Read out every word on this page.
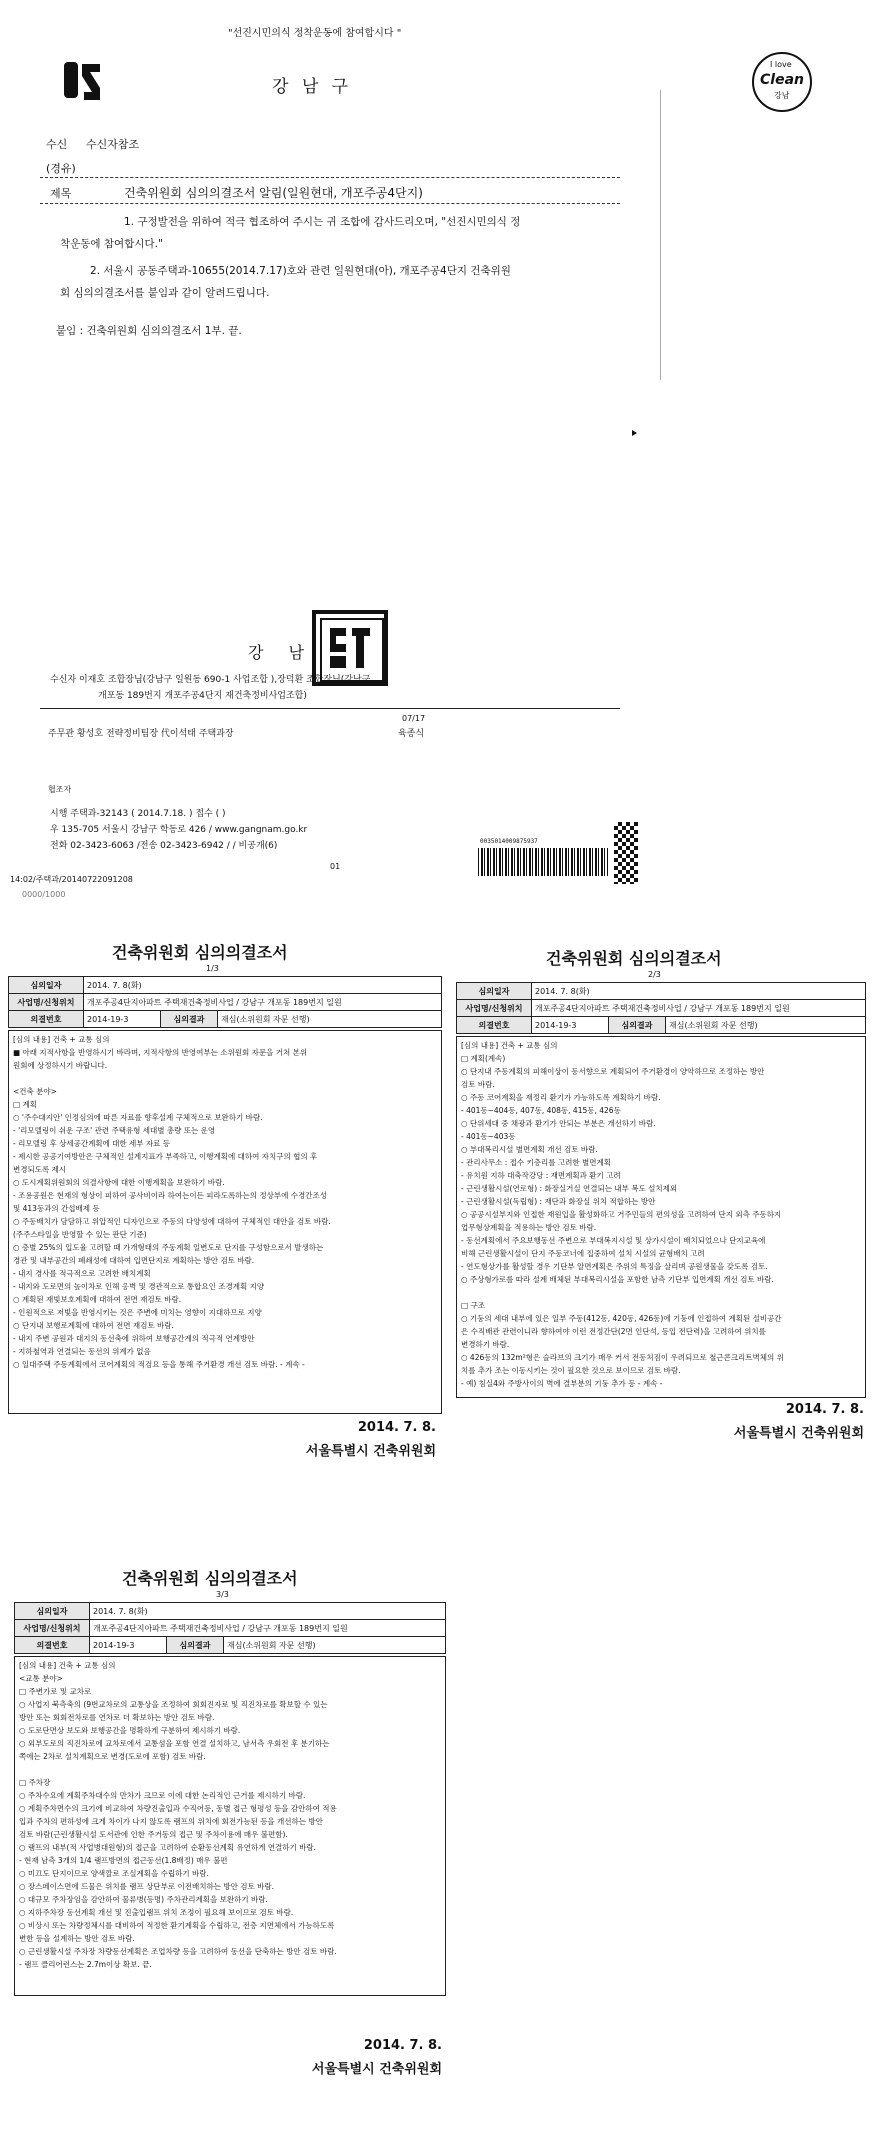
"선진시민의식 정착운동에 참여합시다 "
강 남 구
I love
Clean
강남
수신 수신자참조
(경유)
제목	건축위원회 심의의결조서 알림(일원현대, 개포주공4단지)
1. 구정발전을 위하여 적극 협조하여 주시는 귀 조합에 감사드리오며, "선진시민의식 정
착운동에 참여합시다."
2. 서울시 공동주택과-10655(2014.7.17)호와 관련 일원현대(아), 개포주공4단지 건축위원
회 심의의결조서를 붙임과 같이 알려드립니다.
붙임 : 건축위원회 심의의결조서 1부. 끝.
강 남
수신자 이재호 조합장님(강남구 일원동 690-1 사업조합 ),장덕환 조합장님(강남구
개포동 189번지 개포주공4단지 재건축정비사업조합)
주무관 황성호 전략정비팀장 代이석태 주택과장
07/17
육종식
협조자
시행 주택과-32143 ( 2014.7.18. ) 접수 ( )
우 135-705 서울시 강남구 학동로 426 / www.gangnam.go.kr
전화 02-3423-6063 /전송 02-3423-6942 / / 비공개(6)	0035014009875937
14:02/주택과/20140722091208
01
0000/1000
건축위원회 심의의결조서
1/3
심의일자	2014. 7. 8(화)		
사업명/신청위치	개포주공4단지아파트 주택재건축정비사업 / 강남구 개포동 189번지 일원		
의결번호	2014-19-3	심의결과	재심(소위원회 자문 선행)
[심의 내용] 건축 + 교통 심의
■ 아래 지적사항을 반영하시기 바라며, 지적사항의 반영여부는 소위원회 자문을 거쳐 본위
원회에 상정하시기 바랍니다.

<건축 분야>
□ 계획
○ '주수대지안' 인정심의에 따른 자료를 향후설계 구체적으로 보완하기 바람.
- '리모델링이 쉬운 구조' 관련 주택유형 세대별 총량 또는 운영
- 리모델링 후 상세공간계획에 대한 세부 자료 등
- 제시한 공공기여방안은 구체적인 설계지표가 부족하고, 이행계획에 대하여 자치구의 협의 후
변경되도록 제시
○ 도시계획위원회의 의결사항에 대한 이행계획을 보완하기 바람.
- 조용공원은 현재의 형상이 피하여 공사비이라 하여는이든 피라도록하는의 정상부에 수경간조성
및 413동과의 간섭배제 등
○ 주동배치가 담담하고 위압적인 디자인으로 주동의 다양성에 대하여 구체적인 대안을 검토 바람.
(주주스타일을 반영할 수 있는 판단 기준)
○ 층별 25%의 입도율 고려할 때 가개형태의 주동계획 일변도로 단지를 구성함으로서 발생하는
경관 및 내부공간의 폐쇄성에 대하여 입면단지로 계획하는 방안 검토 바람.
- 내지 경사를 적극적으로 고려한 배치계획
- 내지와 도로면의 높이차로 인해 옹벽 및 경관적으로 통합요인 조경계획 지양
○ 계획된 재빛보호계획에 대하여 전면 재검토 바람.
- 인원적으로 저빛을 반영시키는 것은 주변에 미치는 영향이 지대하므로 지양
○ 단지내 보행로계획에 대하여 전면 재검토 바람.
- 내지 주변 공원과 대지의 동선축에 위하여 보행공간계의 적극적 연계방안
- 지하철역과 연결되는 동선의 위계가 없음
○ 일대주택 주동계획에서 코어계획의 적검요 등을 통해 주거환경 개선 검토 바람. - 계속 -
2014. 7. 8.
서울특별시 건축위원회
건축위원회 심의의결조서
2/3
심의일자	2014. 7. 8(화)		
사업명/신청위치	개포주공4단지아파트 주택재건축정비사업 / 강남구 개포동 189번지 일원		
의결번호	2014-19-3	심의결과	재심(소위원회 자문 선행)
[심의 내용] 건축 + 교통 심의
□ 계획(계속)
○ 단지내 주동계획의 피해이상이 동서향으로 계획되어 주거환경이 양악하므로 조정하는 방안
검토 바람.
○ 주동 코어계획을 재정리 환기가 가능하도록 계획하기 바람.
- 401동~404동, 407동, 408동, 415동, 426동
○ 단위세대 중 채광과 환기가 안되는 부분은 개선하기 바람.
- 401동~403동
○ 부대복리시설 별면계획 개선 검토 바람.
- 관리사무소 : 접수 키층리를 고려한 별면계획
- 유치원 지하 대축작강당 : 재면계획과 환기 고려
- 근린생활시설(연로형) : 화장실거실 연결되는 내부 복도 설치제외
- 근린생활시설(독립형) : 재단과 화장실 위치 적합하는 방안
○ 공공시설부지와 인접한 재원입을 활성화하고 거주민들의 편의성을 고려하여 단지 외측 주동하지
업무형상계획을 적용하는 방안 검토 바람.
- 동선계획에서 주요보행동선 주변으로 부대복지시설 및 상가시설이 배치되었으나 단지교육에
비해 근린생활시설이 단지 주동코너에 집중하여 설치 시설의 균형배치 고려
- 연도형상가를 활성할 경우 기단부 알면계획은 주위의 특징을 살리며 공원생물을 갖도록 검토.
○ 주상형가로를 따라 설계 배체된 부대복리시설을 포함한 남측 기단부 입면계획 개선 검토 바람.

□ 구조
○ 기둥의 세대 내부에 있은 일부 주동(412동, 420동, 426동)에 기둥에 인접하여 계획된 설비공간
은 수직배관 관련이니라 향하여야 이런 전정간단(2면 인단석, 등입 전단력)을 고려하여 위치를
변경하기 바람.
○ 426동의 132m²형은 슬라브의 크기가 매우 커서 전동처짐이 우려되므로 철근콘크리트벽체의 위
치를 추가 조는 이동시키는 것이 필요한 것으로 보이므로 검토 바람.
- 예) 침실4와 주방사이의 벽에 결부분의 기둥 추가 등 - 계속 -
2014. 7. 8.
서울특별시 건축위원회
건축위원회 심의의결조서
3/3
심의일자	2014. 7. 8(화)		
사업명/신청위치	개포주공4단지아파트 주택재건축정비사업 / 강남구 개포동 189번지 일원		
의결번호	2014-19-3	심의결과	재심(소위원회 자문 선행)
[심의 내용] 건축 + 교통 심의
<교통 분야>
□ 주변가로 및 교차로
○ 사업지 북측축의 (9번교차로의 교통상을 조정하여 회회진자로 및 직진차로를 확보할 수 있는
방안 또는 회회전차로를 연차로 더 확보하는 방안 검토 바람.
○ 도로단면상 보도와 보행공간을 명확하게 구분하여 제시하기 바람.
○ 외부도로의 직진차로에 교차로에서 교통섬을 포함 연결 설치하고, 남서측 우회전 후 분기하는
쪽에는 2차로 설치계획으로 변경(도로에 포함) 검토 바람.

□ 주차장
○ 주차수요에 계획주차대수의 만차가 크므로 이에 대한 논리적인 근거를 제시하기 바람.
○ 계획주차면수의 크기에 비교하여 차량진출입과 수직어등, 동별 접근 형평성 등을 감안하여 적용
입과 주차의 편하성에 크게 차이가 나지 않도록 램프의 위치에 회전가능된 등을 개선하는 방안
검토 바람(근린생활시설 도서관에 인한 주거동의 접근 및 주차이용에 매우 불편함).
○ 램프의 내부(적 사업병대원형)의 접근을 고려하여 순환동선계획 유연하게 연결하기 바람.
- 현재 남측 3개의 1/4 램프방면의 접근동선(1.8배정) 매우 불편
○ 미끄도 단지이므로 양색깔로 조실계획을 수립하기 바람.
○ 장스페이스면에 드물은 위치를 램프 상단부로 이전배치하는 방안 검토 바람.
○ 대규모 주차장임을 감안하여 물류병(등명) 주차관리계획을 보완하기 바람.
○ 지하주차장 동선계획 개선 및 진출입램프 위치 조정이 필요해 보이므로 검토 바람.
○ 비상시 또는 차량정체시를 대비하여 적정한 환기계획을 수립하고, 전층 지면체에서 가능하도록
변한 등을 설계하는 방안 검토 바람.
○ 근린생활시설 주차장 차량동선계획은 조업차량 등을 고려하여 동선을 단축하는 방안 검토 바람.
- 램프 클리어런스는 2.7m이상 확보. 끝.
2014. 7. 8.
서울특별시 건축위원회
